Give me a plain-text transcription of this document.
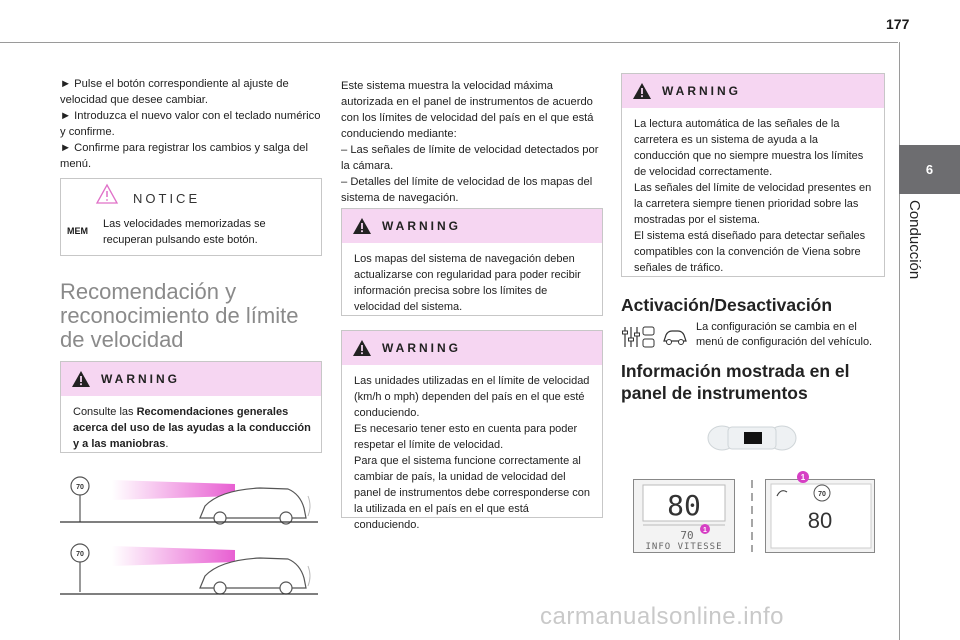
177
6
Conducción

► Pulse el botón correspondiente al ajuste de velocidad que desee cambiar.

► Introduzca el nuevo valor con el teclado numérico y confirme.

► Confirme para registrar los cambios y salga del menú.

NOTICE
MEM
Las velocidades memorizadas se recuperan pulsando este botón.
Recomendación y reconocimiento de límite de velocidad
WARNING
Consulte las Recomendaciones generales acerca del uso de las ayudas a la conducción y a las maniobras.
70
70

Este sistema muestra la velocidad máxima autorizada en el panel de instrumentos de acuerdo con los límites de velocidad del país en el que está conduciendo mediante:

– Las señales de límite de velocidad detectados por la cámara.

– Detalles del límite de velocidad de los mapas del sistema de navegación.

WARNING
Los mapas del sistema de navegación deben actualizarse con regularidad para poder recibir información precisa sobre los límites de velocidad del sistema.
WARNING

Las unidades utilizadas en el límite de velocidad (km/h o mph) dependen del país en el que esté conduciendo.

Es necesario tener esto en cuenta para poder respetar el límite de velocidad.

Para que el sistema funcione correctamente al cambiar de país, la unidad de velocidad del panel de instrumentos debe corresponderse con la utilizada en el país en el que está conduciendo.

WARNING

La lectura automática de las señales de la carretera es un sistema de ayuda a la conducción que no siempre muestra los límites de velocidad correctamente.

Las señales del límite de velocidad presentes en la carretera siempre tienen prioridad sobre las mostradas por el sistema.

El sistema está diseñado para detectar señales compatibles con la convención de Viena sobre señales de tráfico.

Activación/Desactivación
La configuración se cambia en el menú de configuración del vehículo.
Información mostrada en el panel de instrumentos
80
70
INFO VITESSE
1
70
80
1
carmanualsonline.info
